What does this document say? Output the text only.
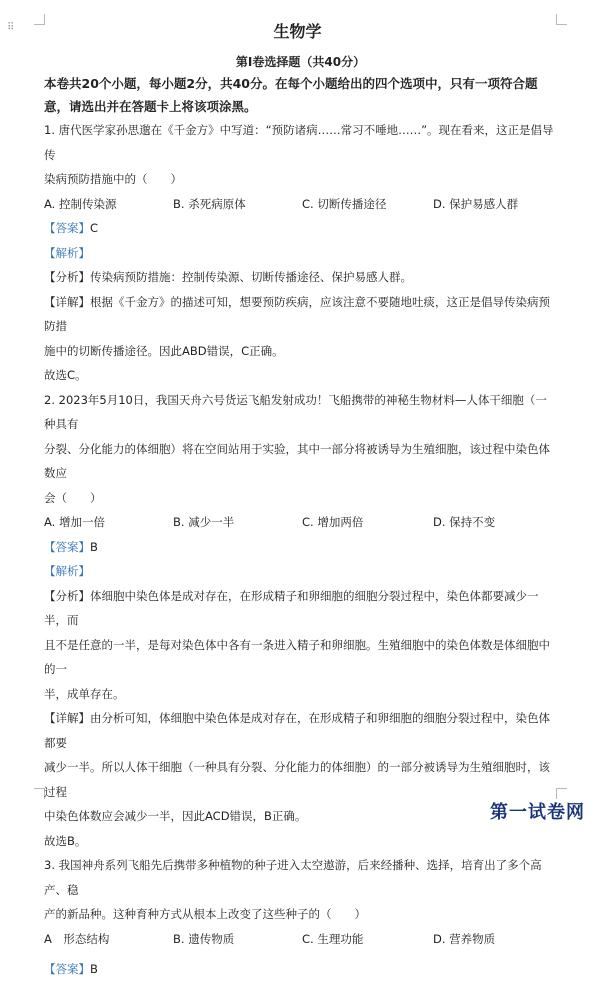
⠿	生物学
第Ⅰ卷选择题（共40分）
本卷共20个小题，每小题2分，共40分。在每个小题给出的四个选项中，只有一项符合题
意，请选出并在答题卡上将该项涂黑。

1. 唐代医学家孙思邈在《千金方》中写道：“预防诸病……常习不唾地……”。现在看来，这正是倡导传

染病预防措施中的（　　）

A. 控制传染源	B. 杀死病原体	C. 切断传播途径	D. 保护易感人群

【答案】C

【解析】

【分析】传染病预防措施：控制传染源、切断传播途径、保护易感人群。

【详解】根据《千金方》的描述可知，想要预防疾病，应该注意不要随地吐痰，这正是倡导传染病预防措

施中的切断传播途径。因此ABD错误，C正确。

故选C。

2. 2023年5月10日，我国天舟六号货运飞船发射成功！飞船携带的神秘生物材料—人体干细胞（一种具有

分裂、分化能力的体细胞）将在空间站用于实验，其中一部分将被诱导为生殖细胞，该过程中染色体数应

会（　　）

A. 增加一倍	B. 减少一半	C. 增加两倍	D. 保持不变

【答案】B

【解析】

【分析】体细胞中染色体是成对存在，在形成精子和卵细胞的细胞分裂过程中，染色体都要减少一半，而

且不是任意的一半，是每对染色体中各有一条进入精子和卵细胞。生殖细胞中的染色体数是体细胞中的一

半，成单存在。

【详解】由分析可知，体细胞中染色体是成对存在，在形成精子和卵细胞的细胞分裂过程中，染色体都要

减少一半。所以人体干细胞（一种具有分裂、分化能力的体细胞）的一部分被诱导为生殖细胞时，该过程

中染色体数应会减少一半，因此ACD错误，B正确。

故选B。

3. 我国神舟系列飞船先后携带多种植物的种子进入太空遨游，后来经播种、选择，培育出了多个高产、稳

产的新品种。这种育种方式从根本上改变了这些种子的（　　）

A　形态结构	B. 遗传物质	C. 生理功能	D. 营养物质

【答案】B

第一试卷网
